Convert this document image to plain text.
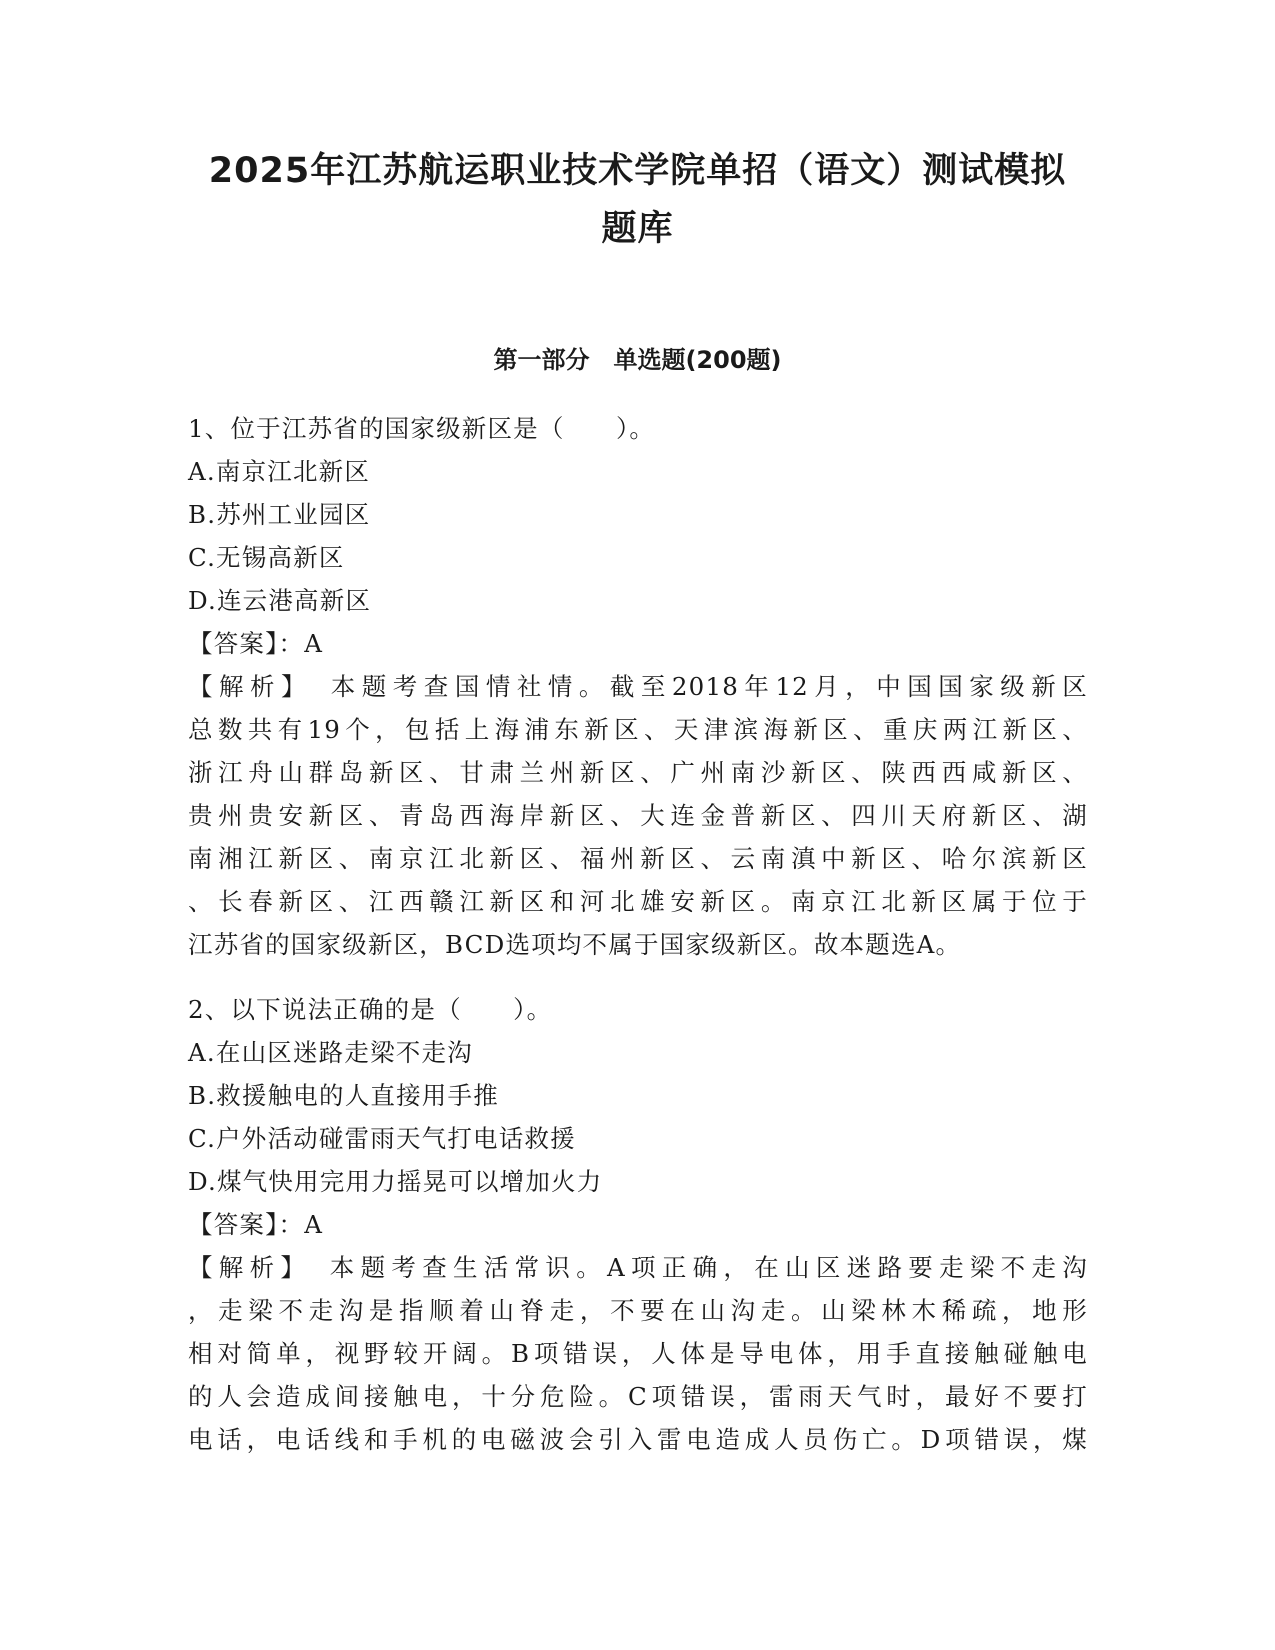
2025年江苏航运职业技术学院单招（语文）测试模拟
题库
第一部分　单选题(200题)
1、位于江苏省的国家级新区是（　　）。
A.南京江北新区
B.苏州工业园区
C.无锡高新区
D.连云港高新区
【答案】：A
【解析】　本题考查国情社情。截至2018年12月，中国国家级新区
总数共有19个，包括上海浦东新区、天津滨海新区、重庆两江新区、
浙江舟山群岛新区、甘肃兰州新区、广州南沙新区、陕西西咸新区、
贵州贵安新区、青岛西海岸新区、大连金普新区、四川天府新区、湖
南湘江新区、南京江北新区、福州新区、云南滇中新区、哈尔滨新区
、长春新区、江西赣江新区和河北雄安新区。南京江北新区属于位于
江苏省的国家级新区，BCD选项均不属于国家级新区。故本题选A。
2、以下说法正确的是（　　）。
A.在山区迷路走梁不走沟
B.救援触电的人直接用手推
C.户外活动碰雷雨天气打电话救援
D.煤气快用完用力摇晃可以增加火力
【答案】：A
【解析】　本题考查生活常识。A项正确，在山区迷路要走梁不走沟
，走梁不走沟是指顺着山脊走，不要在山沟走。山梁林木稀疏，地形
相对简单，视野较开阔。B项错误，人体是导电体，用手直接触碰触电
的人会造成间接触电，十分危险。C项错误，雷雨天气时，最好不要打
电话，电话线和手机的电磁波会引入雷电造成人员伤亡。D项错误，煤
